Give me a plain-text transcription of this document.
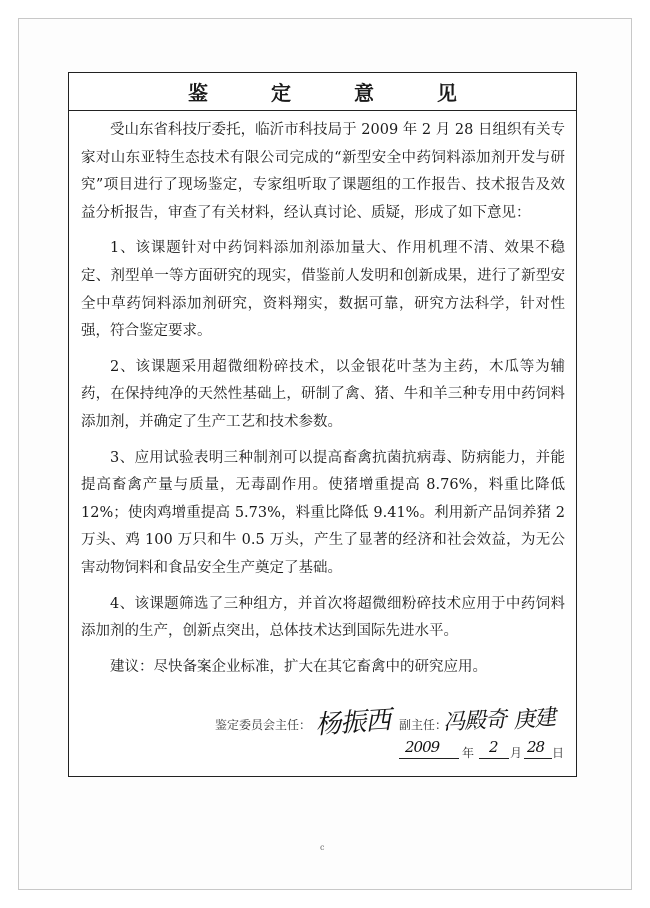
鉴 定 意 见

受山东省科技厅委托，临沂市科技局于 2009 年 2 月 28 日组织有关专家对山东亚特生态技术有限公司完成的“新型安全中药饲料添加剂开发与研究”项目进行了现场鉴定，专家组听取了课题组的工作报告、技术报告及效益分析报告，审查了有关材料，经认真讨论、质疑，形成了如下意见：

1、该课题针对中药饲料添加剂添加量大、作用机理不清、效果不稳定、剂型单一等方面研究的现实，借鉴前人发明和创新成果，进行了新型安全中草药饲料添加剂研究，资料翔实，数据可靠，研究方法科学，针对性强，符合鉴定要求。

2、该课题采用超微细粉碎技术，以金银花叶茎为主药，木瓜等为辅药，在保持纯净的天然性基础上，研制了禽、猪、牛和羊三种专用中药饲料添加剂，并确定了生产工艺和技术参数。

3、应用试验表明三种制剂可以提高畜禽抗菌抗病毒、防病能力，并能提高畜禽产量与质量，无毒副作用。使猪增重提高 8.76%，料重比降低 12%；使肉鸡增重提高 5.73%，料重比降低 9.41%。利用新产品饲养猪 2 万头、鸡 100 万只和牛 0.5 万头，产生了显著的经济和社会效益，为无公害动物饲料和食品安全生产奠定了基础。

4、该课题筛选了三种组方，并首次将超微细粉碎技术应用于中药饲料添加剂的生产，创新点突出，总体技术达到国际先进水平。

建议：尽快备案企业标准，扩大在其它畜禽中的研究应用。

鉴定委员会主任： 杨振西 副主任：
冯殿奇 庚建
2009 年 2 月 28 日
c
